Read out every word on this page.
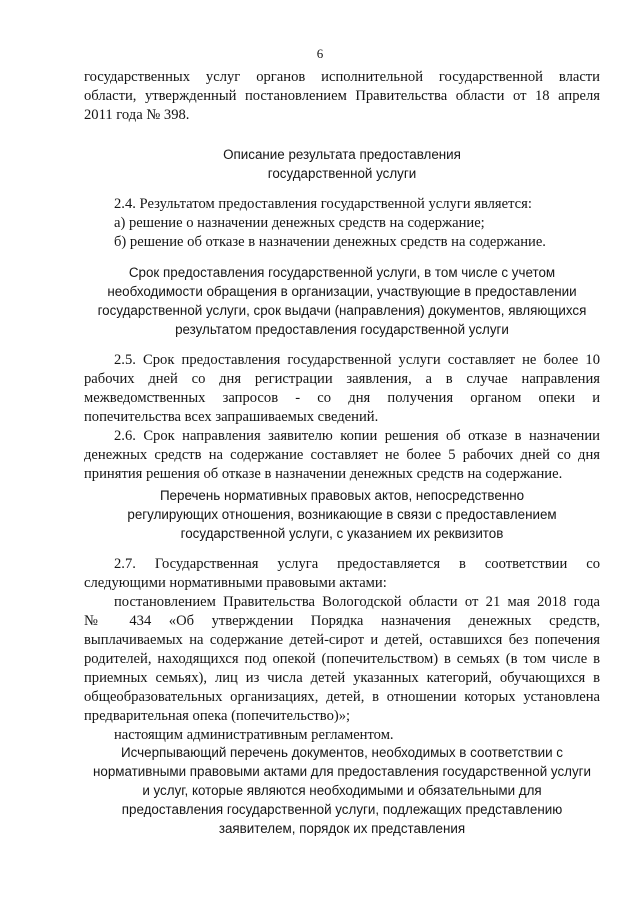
6
государственных услуг органов исполнительной государственной власти
области, утвержденный постановлением Правительства области от 18 апреля
2011 года № 398.
Описание результата предоставления
государственной услуги
2.4. Результатом предоставления государственной услуги является:
а) решение о назначении денежных средств на содержание;
б) решение об отказе в назначении денежных средств на содержание.
Срок предоставления государственной услуги, в том числе с учетом
необходимости обращения в организации, участвующие в предоставлении
государственной услуги, срок выдачи (направления) документов, являющихся
результатом предоставления государственной услуги
2.5. Срок предоставления государственной услуги составляет не более 10
рабочих дней со дня регистрации заявления, а в случае направления
межведомственных запросов - со дня получения органом опеки и
попечительства всех запрашиваемых сведений.
2.6. Срок направления заявителю копии решения об отказе в назначении
денежных средств на содержание составляет не более 5 рабочих дней со дня
принятия решения об отказе в назначении денежных средств на содержание.
Перечень нормативных правовых актов, непосредственно
регулирующих отношения, возникающие в связи с предоставлением
государственной услуги, с указанием их реквизитов
2.7. Государственная услуга предоставляется в соответствии со
следующими нормативными правовыми актами:
постановлением Правительства Вологодской области от 21 мая 2018 года
№ 434 «Об утверждении Порядка назначения денежных средств,
выплачиваемых на содержание детей-сирот и детей, оставшихся без попечения
родителей, находящихся под опекой (попечительством) в семьях (в том числе в
приемных семьях), лиц из числа детей указанных категорий, обучающихся в
общеобразовательных организациях, детей, в отношении которых установлена
предварительная опека (попечительство)»;
настоящим административным регламентом.
Исчерпывающий перечень документов, необходимых в соответствии с
нормативными правовыми актами для предоставления государственной услуги
и услуг, которые являются необходимыми и обязательными для
предоставления государственной услуги, подлежащих представлению
заявителем, порядок их представления
